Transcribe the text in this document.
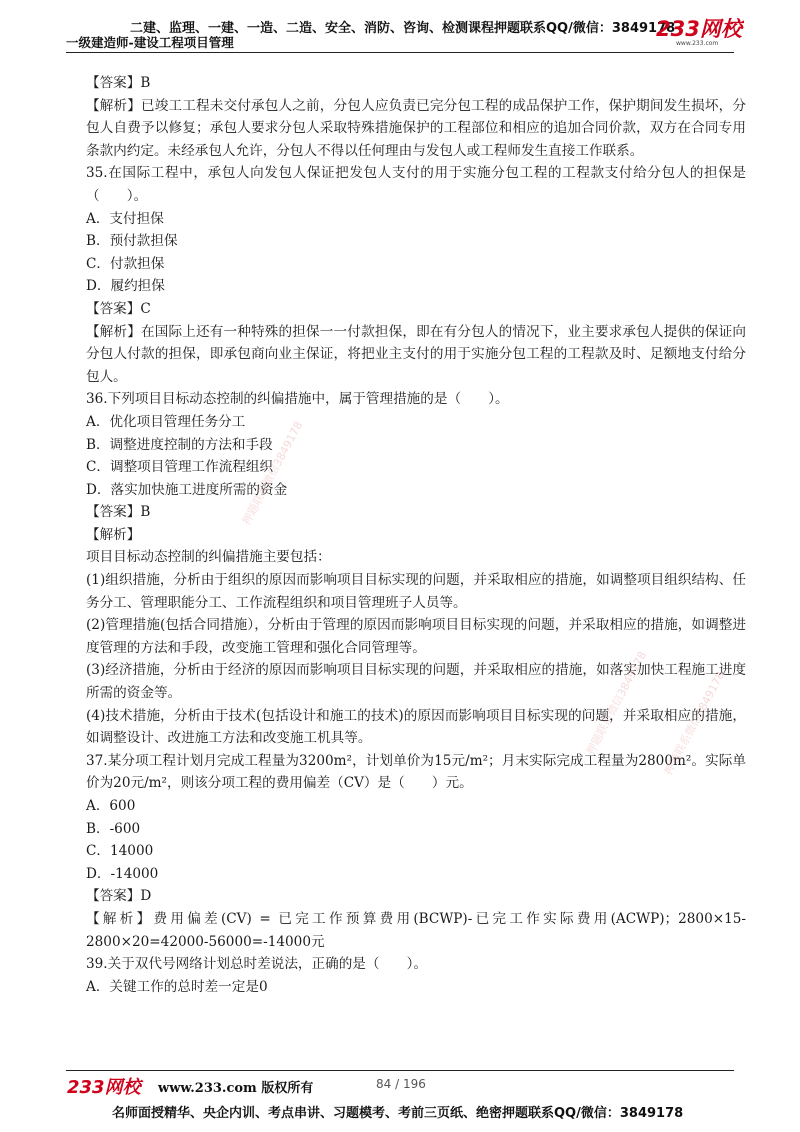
二建、监理、一建、一造、二造、安全、消防、咨询、检测课程押题联系QQ/微信：3849178
一级建造师-建设工程项目管理
233网校
www.233.com

【答案】B

【解析】已竣工工程未交付承包人之前，分包人应负责已完分包工程的成品保护工作，保护期间发生损坏，分包人自费予以修复；承包人要求分包人采取特殊措施保护的工程部位和相应的追加合同价款，双方在合同专用条款内约定。未经承包人允许，分包人不得以任何理由与发包人或工程师发生直接工作联系。

35.在国际工程中，承包人向发包人保证把发包人支付的用于实施分包工程的工程款支付给分包人的担保是（　　）。

A．支付担保

B．预付款担保

C．付款担保

D．履约担保

【答案】C

【解析】在国际上还有一种特殊的担保一一付款担保，即在有分包人的情况下，业主要求承包人提供的保证向分包人付款的担保，即承包商向业主保证，将把业主支付的用于实施分包工程的工程款及时、足额地支付给分包人。

36.下列项目目标动态控制的纠偏措施中，属于管理措施的是（　　）。

A．优化项目管理任务分工

B．调整进度控制的方法和手段

C．调整项目管理工作流程组织

D．落实加快施工进度所需的资金

【答案】B

【解析】

项目目标动态控制的纠偏措施主要包括：

(1)组织措施，分析由于组织的原因而影响项目目标实现的问题，并采取相应的措施，如调整项目组织结构、任务分工、管理职能分工、工作流程组织和项目管理班子人员等。

(2)管理措施(包括合同措施），分析由于管理的原因而影响项目目标实现的问题，并采取相应的措施，如调整进度管理的方法和手段，改变施工管理和强化合同管理等。

(3)经济措施，分析由于经济的原因而影响项目目标实现的问题，并采取相应的措施，如落实加快工程施工进度所需的资金等。

(4)技术措施，分析由于技术(包括设计和施工的技术)的原因而影响项目目标实现的问题，并采取相应的措施，如调整设计、改进施工方法和改变施工机具等。

37.某分项工程计划月完成工程量为3200m²，计划单价为15元/m²；月末实际完成工程量为2800m²。实际单价为20元/m²，则该分项工程的费用偏差（CV）是（　　）元。

A．600

B．-600

C．14000

D．-14000

【答案】D

【解析】费用偏差(CV) = 已完工作预算费用(BCWP)-已完工作实际费用(ACWP)；2800×15-2800×20=42000-56000=-14000元

39.关于双代号网络计划总时差说法，正确的是（　　）。

A．关键工作的总时差一定是0

押题联系微信3849178
押题联系微信3849178 押题联系微信3849178
233网校 www.233.com 版权所有	84 / 196
名师面授精华、央企内训、考点串讲、习题模考、考前三页纸、绝密押题联系QQ/微信：3849178
